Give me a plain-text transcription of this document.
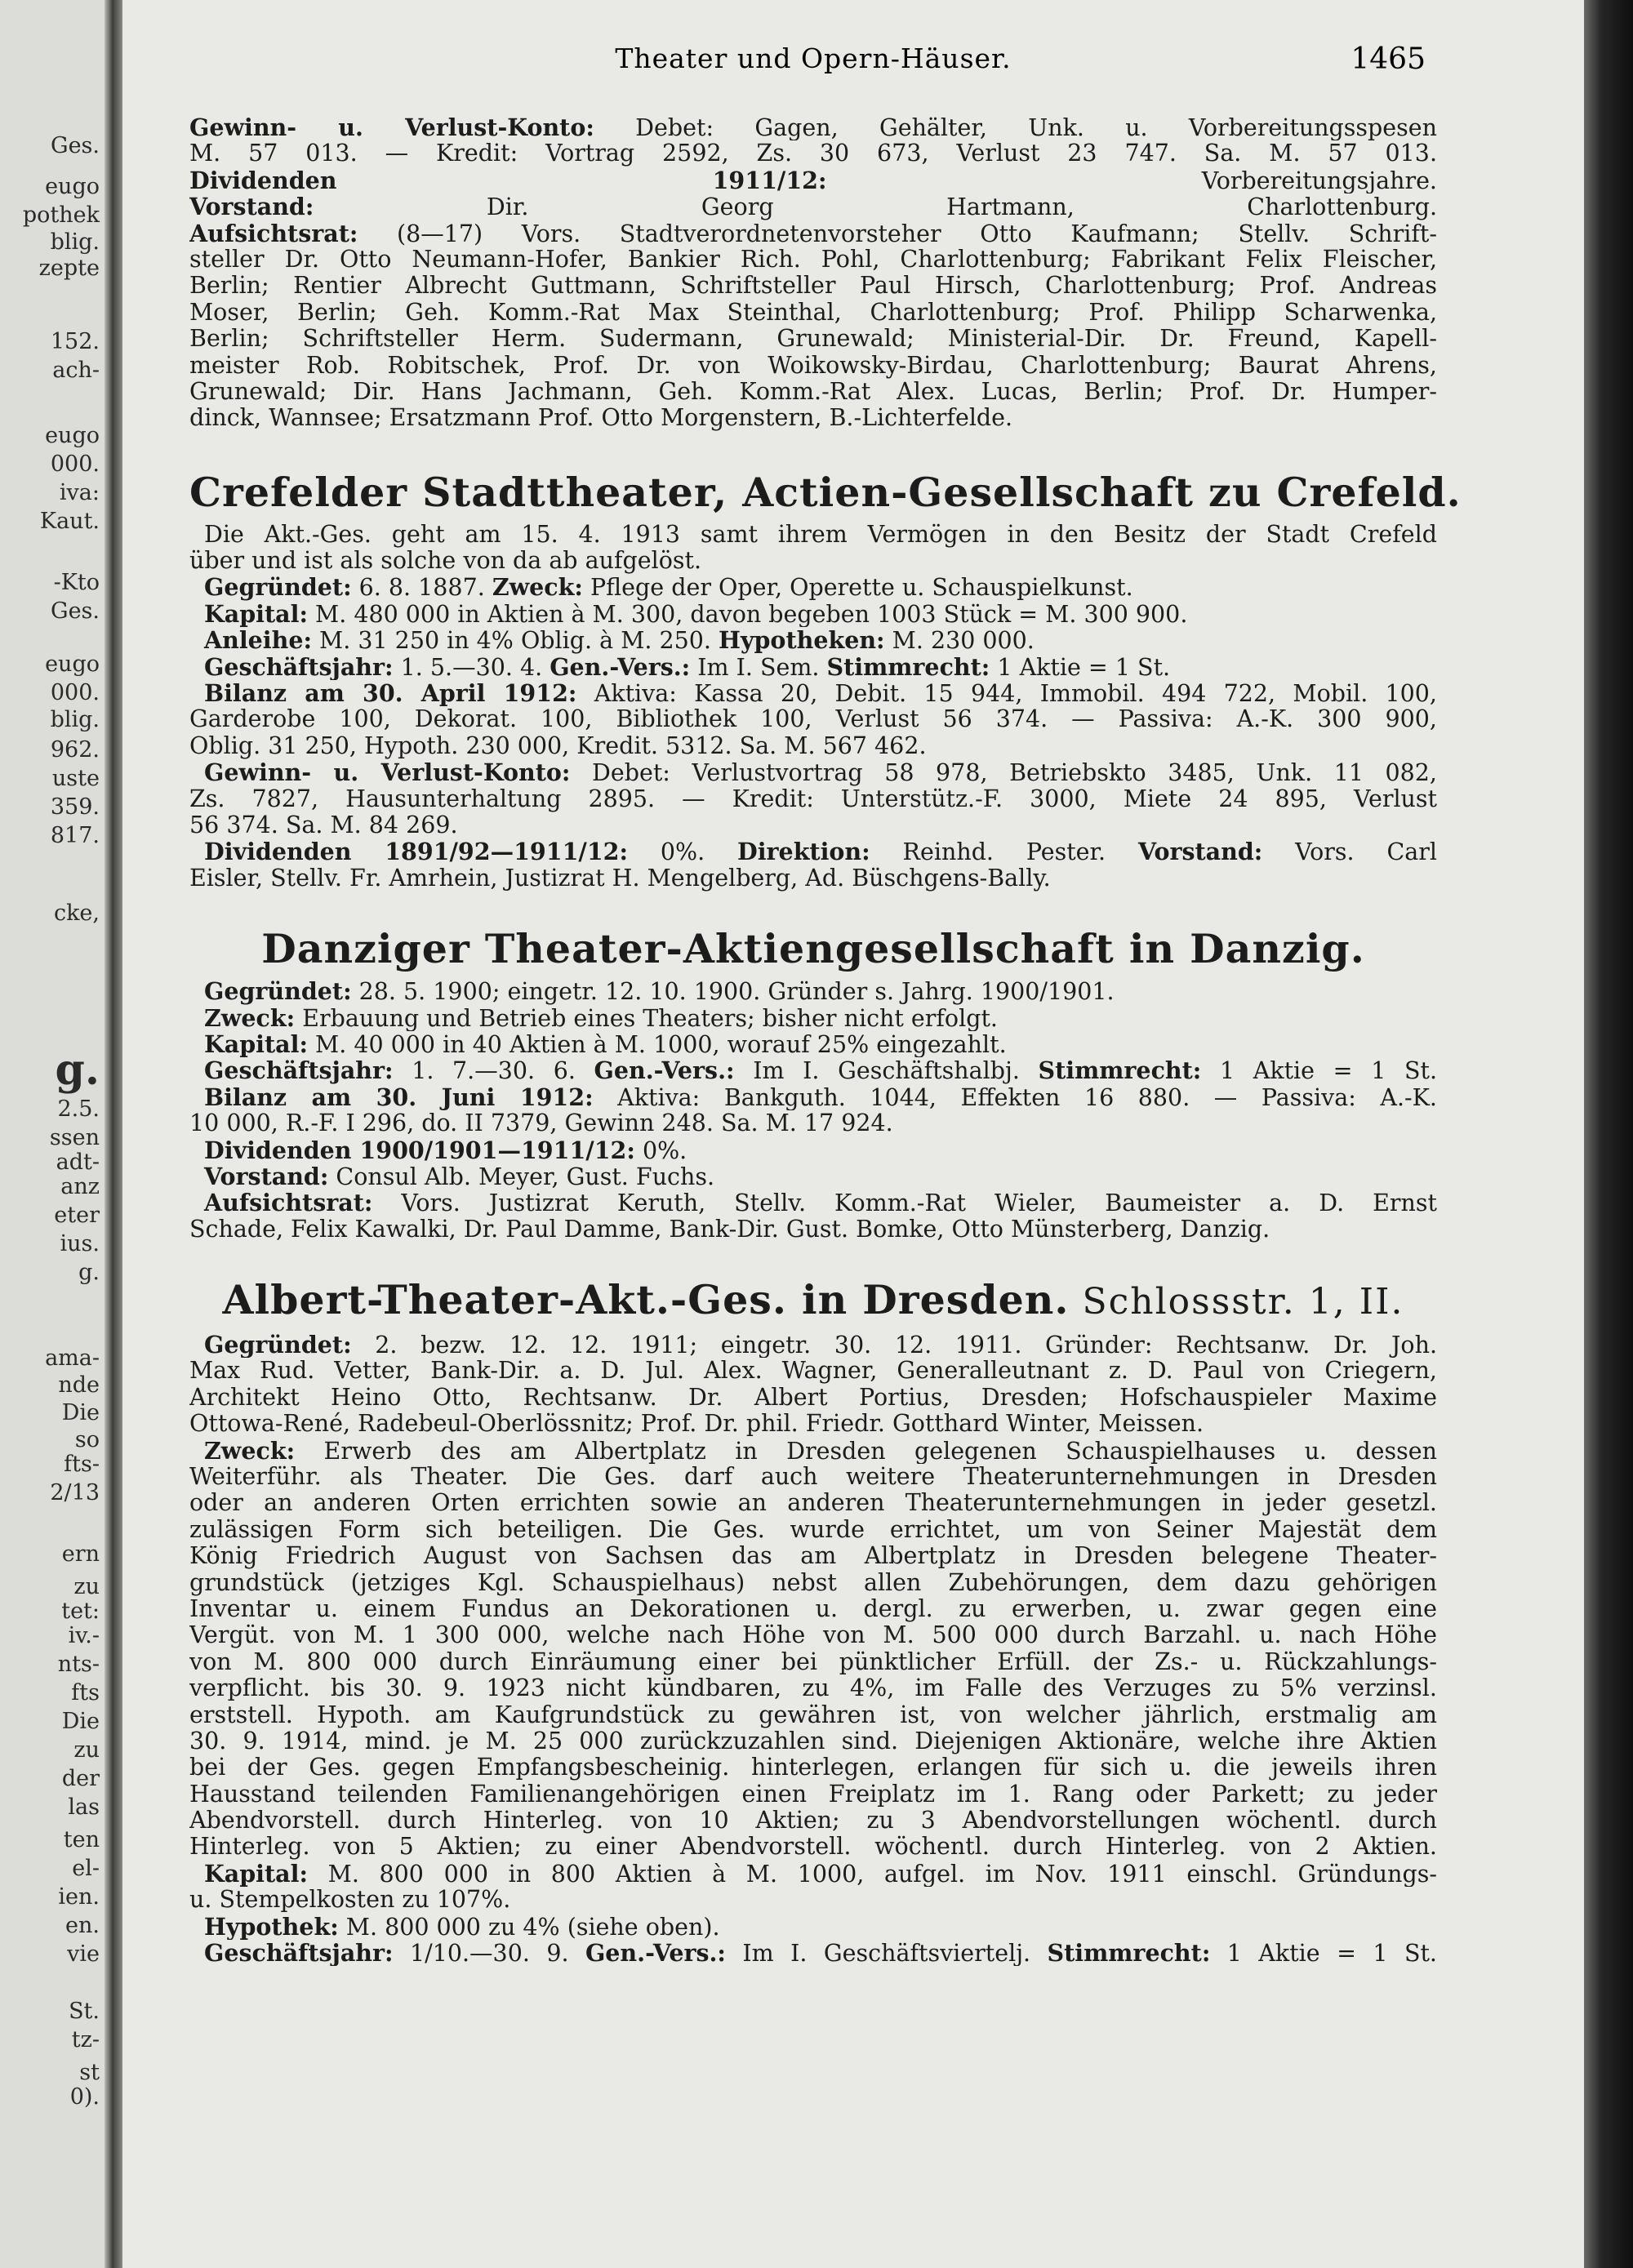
Ges.
eugo
pothek
blig.
zepte
152.
ach-
eugo
000.
iva:
Kaut.
-Kto
Ges.
eugo
000.
blig.
962.
uste
359.
817.
cke,
g.
2.5.
ssen
adt-
anz
eter
ius.
g.
ama-
nde
Die
so
fts-
2/13
ern
zu
tet:
iv.-
nts-
fts
Die
zu
der
las
ten
el-
ien.
en.
vie
St.
tz-
st
0).
Theater und Opern-Häuser.	1465
Gewinn- u. Verlust-Konto: Debet: Gagen, Gehälter, Unk. u. Vorbereitungsspesen
M. 57 013. — Kredit: Vortrag 2592, Zs. 30 673, Verlust 23 747. Sa. M. 57 013.
Dividenden 1911/12: Vorbereitungsjahre.
Vorstand: Dir. Georg Hartmann, Charlottenburg.
Aufsichtsrat: (8—17) Vors. Stadtverordnetenvorsteher Otto Kaufmann; Stellv. Schrift-
steller Dr. Otto Neumann-Hofer, Bankier Rich. Pohl, Charlottenburg; Fabrikant Felix Fleischer,
Berlin; Rentier Albrecht Guttmann, Schriftsteller Paul Hirsch, Charlottenburg; Prof. Andreas
Moser, Berlin; Geh. Komm.-Rat Max Steinthal, Charlottenburg; Prof. Philipp Scharwenka,
Berlin; Schriftsteller Herm. Sudermann, Grunewald; Ministerial-Dir. Dr. Freund, Kapell-
meister Rob. Robitschek, Prof. Dr. von Woikowsky-Birdau, Charlottenburg; Baurat Ahrens,
Grunewald; Dir. Hans Jachmann, Geh. Komm.-Rat Alex. Lucas, Berlin; Prof. Dr. Humper-
dinck, Wannsee; Ersatzmann Prof. Otto Morgenstern, B.-Lichterfelde.
Crefelder Stadttheater, Actien-Gesellschaft zu Crefeld.
Die Akt.-Ges. geht am 15. 4. 1913 samt ihrem Vermögen in den Besitz der Stadt Crefeld
über und ist als solche von da ab aufgelöst.
Gegründet: 6. 8. 1887. Zweck: Pflege der Oper, Operette u. Schauspielkunst.
Kapital: M. 480 000 in Aktien à M. 300, davon begeben 1003 Stück = M. 300 900.
Anleihe: M. 31 250 in 4% Oblig. à M. 250. Hypotheken: M. 230 000.
Geschäftsjahr: 1. 5.—30. 4. Gen.-Vers.: Im I. Sem. Stimmrecht: 1 Aktie = 1 St.
Bilanz am 30. April 1912: Aktiva: Kassa 20, Debit. 15 944, Immobil. 494 722, Mobil. 100,
Garderobe 100, Dekorat. 100, Bibliothek 100, Verlust 56 374. — Passiva: A.-K. 300 900,
Oblig. 31 250, Hypoth. 230 000, Kredit. 5312. Sa. M. 567 462.
Gewinn- u. Verlust-Konto: Debet: Verlustvortrag 58 978, Betriebskto 3485, Unk. 11 082,
Zs. 7827, Hausunterhaltung 2895. — Kredit: Unterstütz.-F. 3000, Miete 24 895, Verlust
56 374. Sa. M. 84 269.
Dividenden 1891/92—1911/12: 0%. Direktion: Reinhd. Pester. Vorstand: Vors. Carl
Eisler, Stellv. Fr. Amrhein, Justizrat H. Mengelberg, Ad. Büschgens-Bally.
Danziger Theater-Aktiengesellschaft in Danzig.
Gegründet: 28. 5. 1900; eingetr. 12. 10. 1900. Gründer s. Jahrg. 1900/1901.
Zweck: Erbauung und Betrieb eines Theaters; bisher nicht erfolgt.
Kapital: M. 40 000 in 40 Aktien à M. 1000, worauf 25% eingezahlt.
Geschäftsjahr: 1. 7.—30. 6. Gen.-Vers.: Im I. Geschäftshalbj. Stimmrecht: 1 Aktie = 1 St.
Bilanz am 30. Juni 1912: Aktiva: Bankguth. 1044, Effekten 16 880. — Passiva: A.-K.
10 000, R.-F. I 296, do. II 7379, Gewinn 248. Sa. M. 17 924.
Dividenden 1900/1901—1911/12: 0%.
Vorstand: Consul Alb. Meyer, Gust. Fuchs.
Aufsichtsrat: Vors. Justizrat Keruth, Stellv. Komm.-Rat Wieler, Baumeister a. D. Ernst
Schade, Felix Kawalki, Dr. Paul Damme, Bank-Dir. Gust. Bomke, Otto Münsterberg, Danzig.
Albert-Theater-Akt.-Ges. in Dresden. Schlossstr. 1, II.
Gegründet: 2. bezw. 12. 12. 1911; eingetr. 30. 12. 1911. Gründer: Rechtsanw. Dr. Joh.
Max Rud. Vetter, Bank-Dir. a. D. Jul. Alex. Wagner, Generalleutnant z. D. Paul von Criegern,
Architekt Heino Otto, Rechtsanw. Dr. Albert Portius, Dresden; Hofschauspieler Maxime
Ottowa-René, Radebeul-Oberlössnitz; Prof. Dr. phil. Friedr. Gotthard Winter, Meissen.
Zweck: Erwerb des am Albertplatz in Dresden gelegenen Schauspielhauses u. dessen
Weiterführ. als Theater. Die Ges. darf auch weitere Theaterunternehmungen in Dresden
oder an anderen Orten errichten sowie an anderen Theaterunternehmungen in jeder gesetzl.
zulässigen Form sich beteiligen. Die Ges. wurde errichtet, um von Seiner Majestät dem
König Friedrich August von Sachsen das am Albertplatz in Dresden belegene Theater-
grundstück (jetziges Kgl. Schauspielhaus) nebst allen Zubehörungen, dem dazu gehörigen
Inventar u. einem Fundus an Dekorationen u. dergl. zu erwerben, u. zwar gegen eine
Vergüt. von M. 1 300 000, welche nach Höhe von M. 500 000 durch Barzahl. u. nach Höhe
von M. 800 000 durch Einräumung einer bei pünktlicher Erfüll. der Zs.- u. Rückzahlungs-
verpflicht. bis 30. 9. 1923 nicht kündbaren, zu 4%, im Falle des Verzuges zu 5% verzinsl.
erststell. Hypoth. am Kaufgrundstück zu gewähren ist, von welcher jährlich, erstmalig am
30. 9. 1914, mind. je M. 25 000 zurückzuzahlen sind. Diejenigen Aktionäre, welche ihre Aktien
bei der Ges. gegen Empfangsbescheinig. hinterlegen, erlangen für sich u. die jeweils ihren
Hausstand teilenden Familienangehörigen einen Freiplatz im 1. Rang oder Parkett; zu jeder
Abendvorstell. durch Hinterleg. von 10 Aktien; zu 3 Abendvorstellungen wöchentl. durch
Hinterleg. von 5 Aktien; zu einer Abendvorstell. wöchentl. durch Hinterleg. von 2 Aktien.
Kapital: M. 800 000 in 800 Aktien à M. 1000, aufgel. im Nov. 1911 einschl. Gründungs-
u. Stempelkosten zu 107%.
Hypothek: M. 800 000 zu 4% (siehe oben).
Geschäftsjahr: 1/10.—30. 9. Gen.-Vers.: Im I. Geschäftsviertelj. Stimmrecht: 1 Aktie = 1 St.
